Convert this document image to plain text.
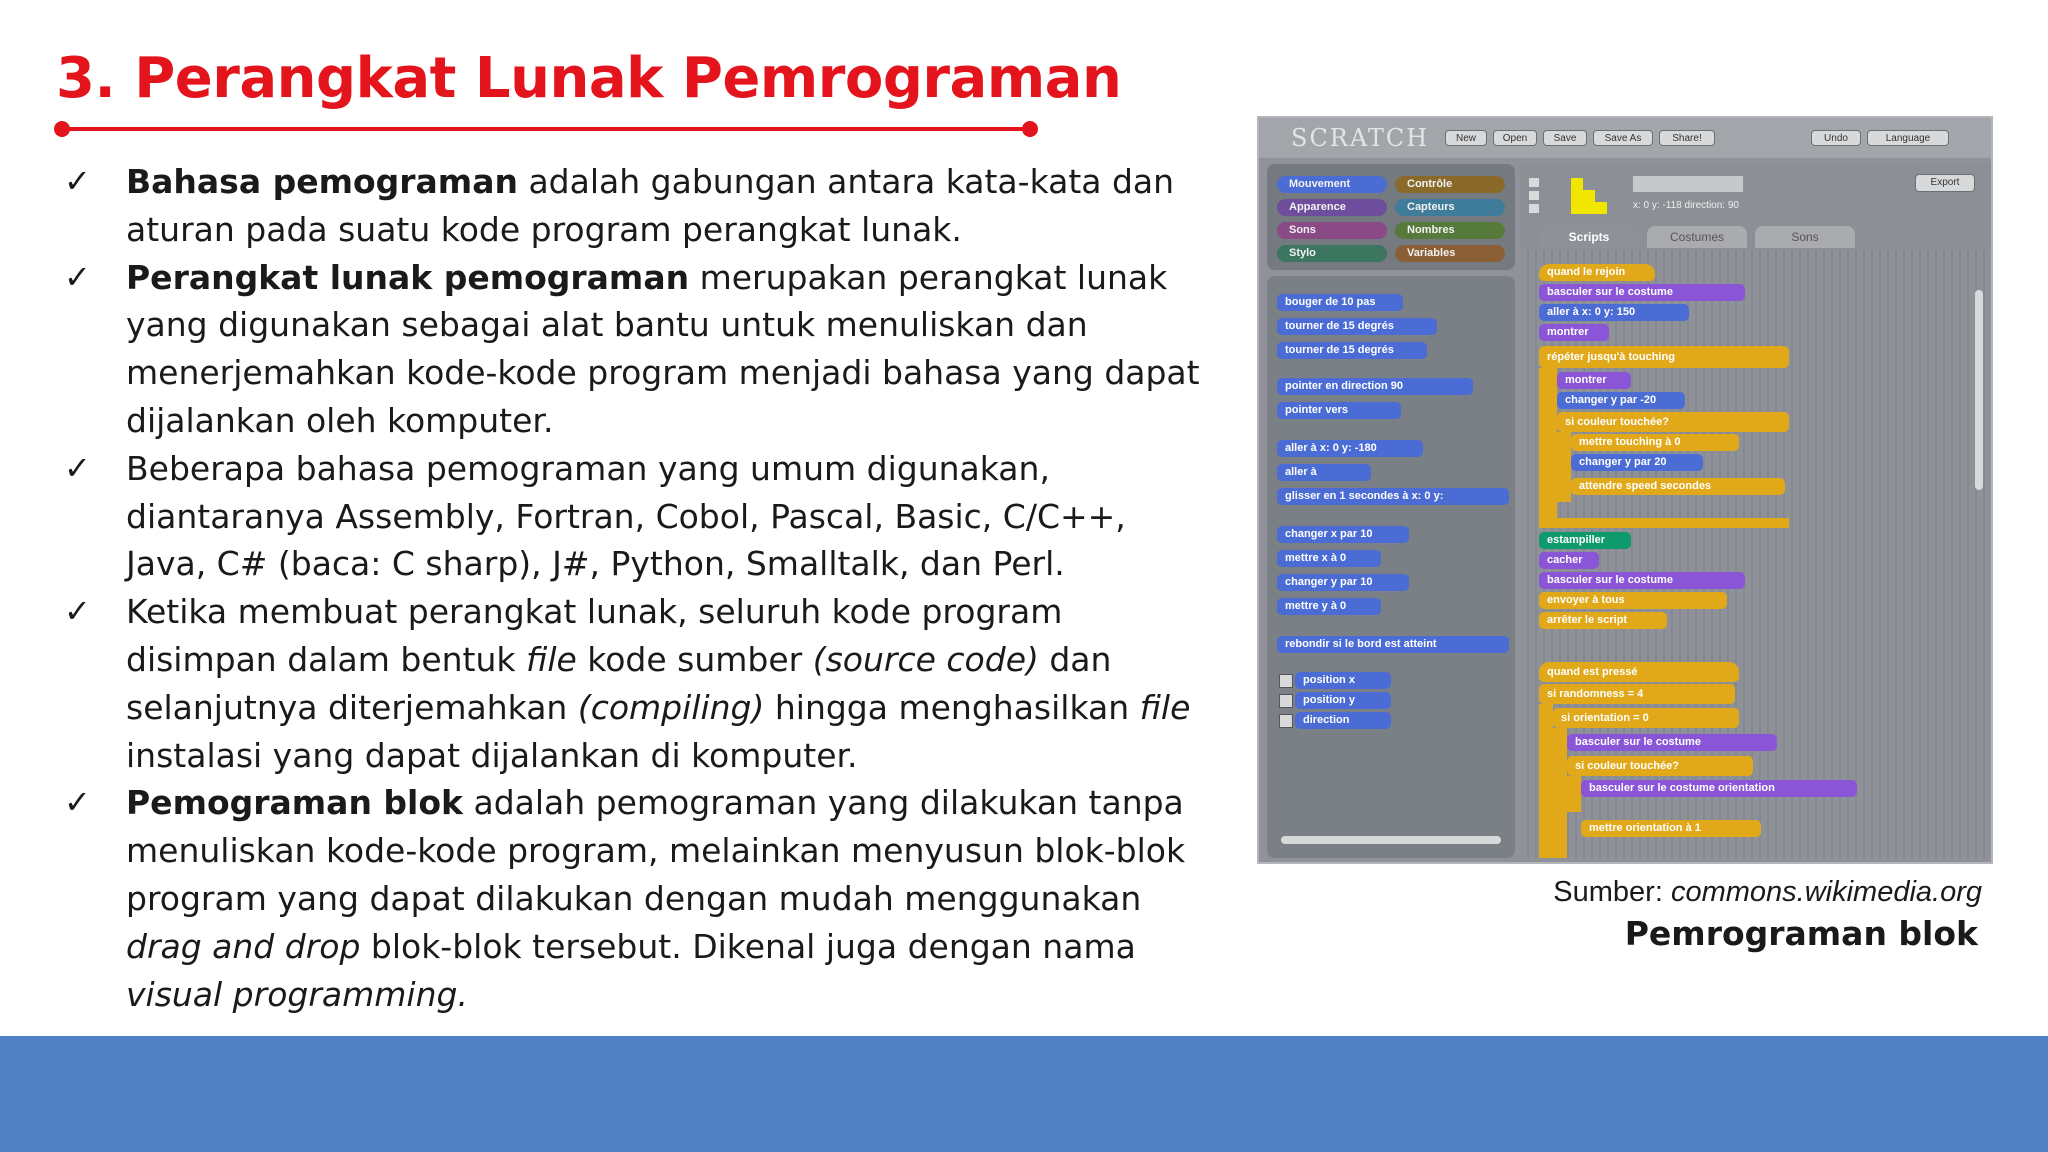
3. Perangkat Lunak Pemrograman
✓ Bahasa pemograman adalah gabungan antara kata-kata dan aturan pada suatu kode program perangkat lunak.
✓ Perangkat lunak pemograman merupakan perangkat lunak yang digunakan sebagai alat bantu untuk menuliskan dan menerjemahkan kode-kode program menjadi bahasa yang dapat dijalankan oleh komputer.
✓ Beberapa bahasa pemograman yang umum digunakan, diantaranya Assembly, Fortran, Cobol, Pascal, Basic, C/C++, Java, C# (baca: C sharp), J#, Python, Smalltalk, dan Perl.
✓ Ketika membuat perangkat lunak, seluruh kode program disimpan dalam bentuk file kode sumber (source code) dan selanjutnya diterjemahkan (compiling) hingga menghasilkan file instalasi yang dapat dijalankan di komputer.
✓ Pemograman blok adalah pemograman yang dilakukan tanpa menuliskan kode-kode program, melainkan menyusun blok-blok program yang dapat dilakukan dengan mudah menggunakan drag and drop blok-blok tersebut. Dikenal juga dengan nama visual programming.
SCRATCH	New	Open	Save	Save As	Share!	Undo	Language
Mouvement	Contrôle
Apparence	Capteurs
Sons	Nombres
Stylo	Variables
bouger de 10 pas
tourner de 15 degrés
tourner de 15 degrés
pointer en direction 90
pointer vers
aller à x: 0 y: -180
aller à
glisser en 1 secondes à x: 0 y:
changer x par 10
mettre x à 0
changer y par 10
mettre y à 0
rebondir si le bord est atteint
position x
position y
direction
x: 0 y: -118 direction: 90
Export
Scripts	Costumes	Sons
quand le rejoin
basculer sur le costume
aller à x: 0 y: 150
montrer
répéter jusqu'à touching
montrer
changer y par -20
si couleur touchée?
mettre touching à 0
changer y par 20
attendre speed secondes
estampiller
cacher
basculer sur le costume
envoyer à tous
arrêter le script
quand est pressé
si randomness = 4
si orientation = 0
basculer sur le costume
si couleur touchée?
basculer sur le costume orientation
mettre orientation à 1
Sumber: commons.wikimedia.org
Pemrograman blok
